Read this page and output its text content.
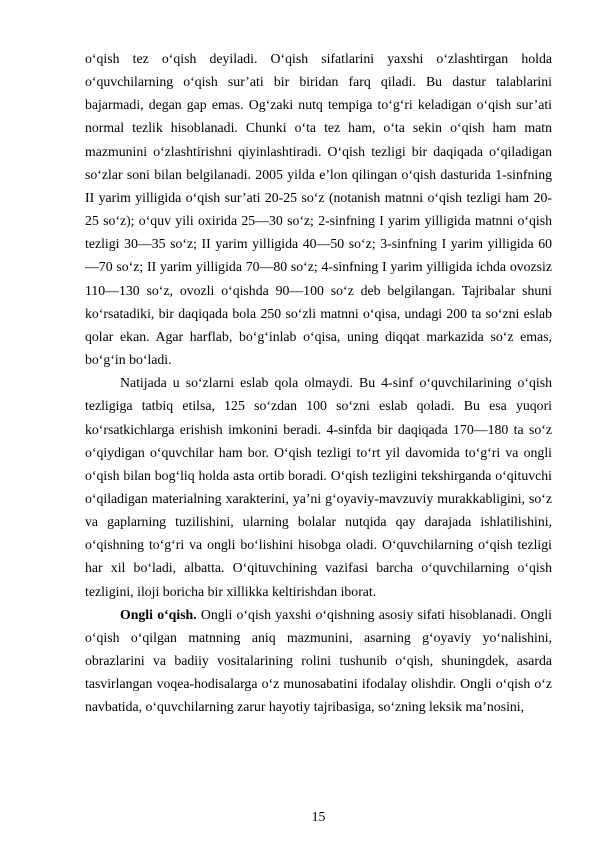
o‘qish tez o‘qish deyiladi. O‘qish sifatlarini yaxshi o‘zlashtirgan holda o‘quvchilarning o‘qish sur’ati bir biridan farq qiladi. Bu dastur talablarini bajarmadi, degan gap emas. Og‘zaki nutq tempiga to‘g‘ri keladigan o‘qish sur’ati normal tezlik hisoblanadi. Chunki o‘ta tez ham, o‘ta sekin o‘qish ham matn mazmunini o‘zlashtirishni qiyinlashtiradi. O‘qish tezligi bir daqiqada o‘qiladigan so‘zlar soni bilan belgilanadi. 2005 yilda e’lon qilingan o‘qish dasturida 1-sinfning II yarim yilligida o‘qish sur’ati 20-25 so‘z (notanish matnni o‘qish tezligi ham 20-25 so‘z); o‘quv yili oxirida 25—30 so‘z; 2-sinfning I yarim yilligida matnni o‘qish tezligi 30—35 so‘z; II yarim yilligida 40—50 so‘z; 3-sinfning I yarim yilligida 60 —70 so‘z; II yarim yilligida 70—80 so‘z; 4-sinfning I yarim yilligida ichda ovozsiz 110—130 so‘z, ovozli o‘qishda 90—100 so‘z deb belgilangan. Tajribalar shuni ko‘rsatadiki, bir daqiqada bola 250 so‘zli matnni o‘qisa, undagi 200 ta so‘zni eslab qolar ekan. Agar harflab, bo‘g‘inlab o‘qisa, uning diqqat markazida so‘z emas, bo‘g‘in bo‘ladi.

Natijada u so‘zlarni eslab qola olmaydi. Bu 4-sinf o‘quvchilarining o‘qish tezligiga tatbiq etilsa, 125 so‘zdan 100 so‘zni eslab qoladi. Bu esa yuqori ko‘rsatkichlarga erishish imkonini beradi. 4-sinfda bir daqiqada 170—180 ta so‘z o‘qiydigan o‘quvchilar ham bor. O‘qish tezligi to‘rt yil davomida to‘g‘ri va ongli o‘qish bilan bog‘liq holda asta ortib boradi. O‘qish tezligini tekshirganda o‘qituvchi o‘qiladigan materialning xarakterini, ya’ni g‘oyaviy-mavzuviy murakkabligini, so‘z va gaplarning tuzilishini, ularning bolalar nutqida qay darajada ishlatilishini, o‘qishning to‘g‘ri va ongli bo‘lishini hisobga oladi. O‘quvchilarning o‘qish tezligi har xil bo‘ladi, albatta. O‘qituvchining vazifasi barcha o‘quvchilarning o‘qish tezligini, iloji boricha bir xillikka keltirishdan iborat.

Ongli o‘qish. Ongli o‘qish yaxshi o‘qishning asosiy sifati hisoblanadi. Ongli o‘qish o‘qilgan matnning aniq mazmunini, asarning g‘oyaviy yo‘nalishini, obrazlarini va badiiy vositalarining rolini tushunib o‘qish, shuningdek, asarda tasvirlangan voqea-hodisalarga o‘z munosabatini ifodalay olishdir. Ongli o‘qish o‘z navbatida, o‘quvchilarning zarur hayotiy tajribasiga, so‘zning leksik ma’nosini,

15
